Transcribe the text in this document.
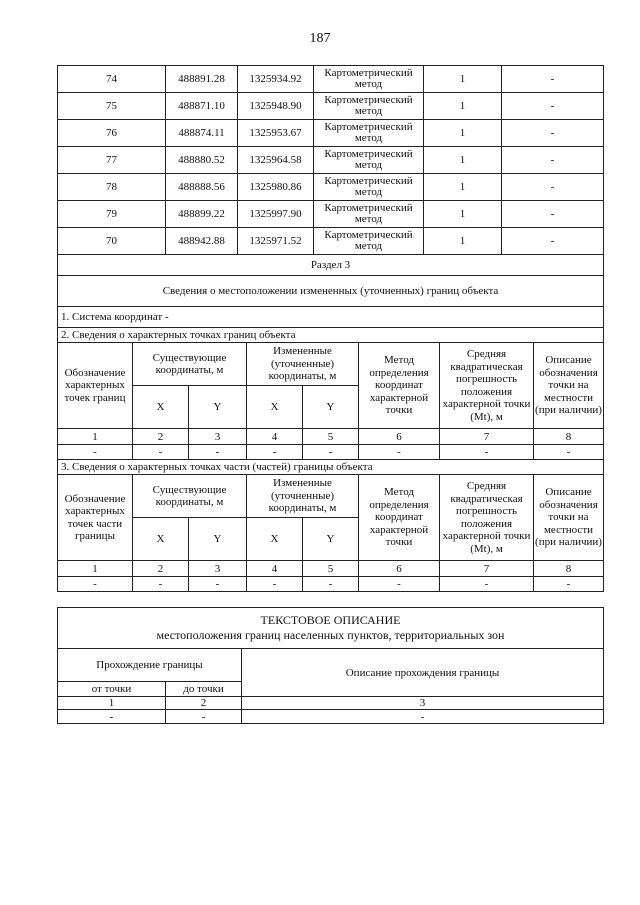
187
74	488891.28	1325934.92	Картометрический метод	1	-
75	488871.10	1325948.90	Картометрический метод	1	-
76	488874.11	1325953.67	Картометрический метод	1	-
77	488880.52	1325964.58	Картометрический метод	1	-
78	488888.56	1325980.86	Картометрический метод	1	-
79	488899.22	1325997.90	Картометрический метод	1	-
70	488942.88	1325971.52	Картометрический метод	1	-
Раздел 3							
Сведения о местоположении измененных (уточненных) границ объекта							
1. Система координат -							
2. Сведения о характерных точках границ объекта							
Обозначение характерных точек границ	Существующие координаты, м		Измененные (уточненные) координаты, м		Метод определения координат характерной точки	Средняя квадратическая погрешность положения характерной точки (Mt), м	Описание обозначения точки на местности (при наличии)
	X	Y	X	Y			
1	2	3	4	5	6	7	8
-	-	-	-	-	-	-	-
3. Сведения о характерных точках части (частей) границы объекта							
Обозначение характерных точек части границы	Существующие координаты, м		Измененные (уточненные) координаты, м		Метод определения координат характерной точки	Средняя квадратическая погрешность положения характерной точки (Mt), м	Описание обозначения точки на местности (при наличии)
	X	Y	X	Y			
1	2	3	4	5	6	7	8
-	-	-	-	-	-	-	-
ТЕКСТОВОЕ ОПИСАНИЕ
местоположения границ населенных пунктов, территориальных зон		

Прохождение границы		Описание прохождения границы
от точки	до точки	
1	2	3
-	-	-
